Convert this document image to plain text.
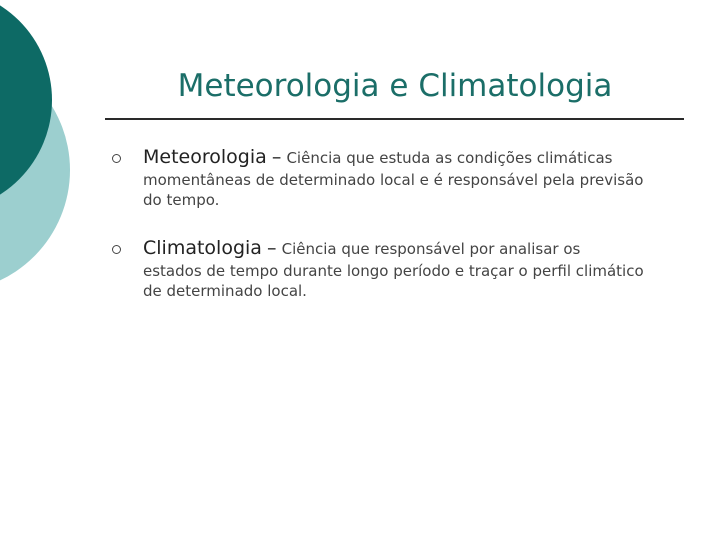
Meteorologia e Climatologia
Meteorologia – Ciência que estuda as condições climáticas
momentâneas de determinado local e é responsável pela previsão
do tempo.
Climatologia – Ciência que responsável por analisar os
estados de tempo durante longo período e traçar o perfil climático
de determinado local.
